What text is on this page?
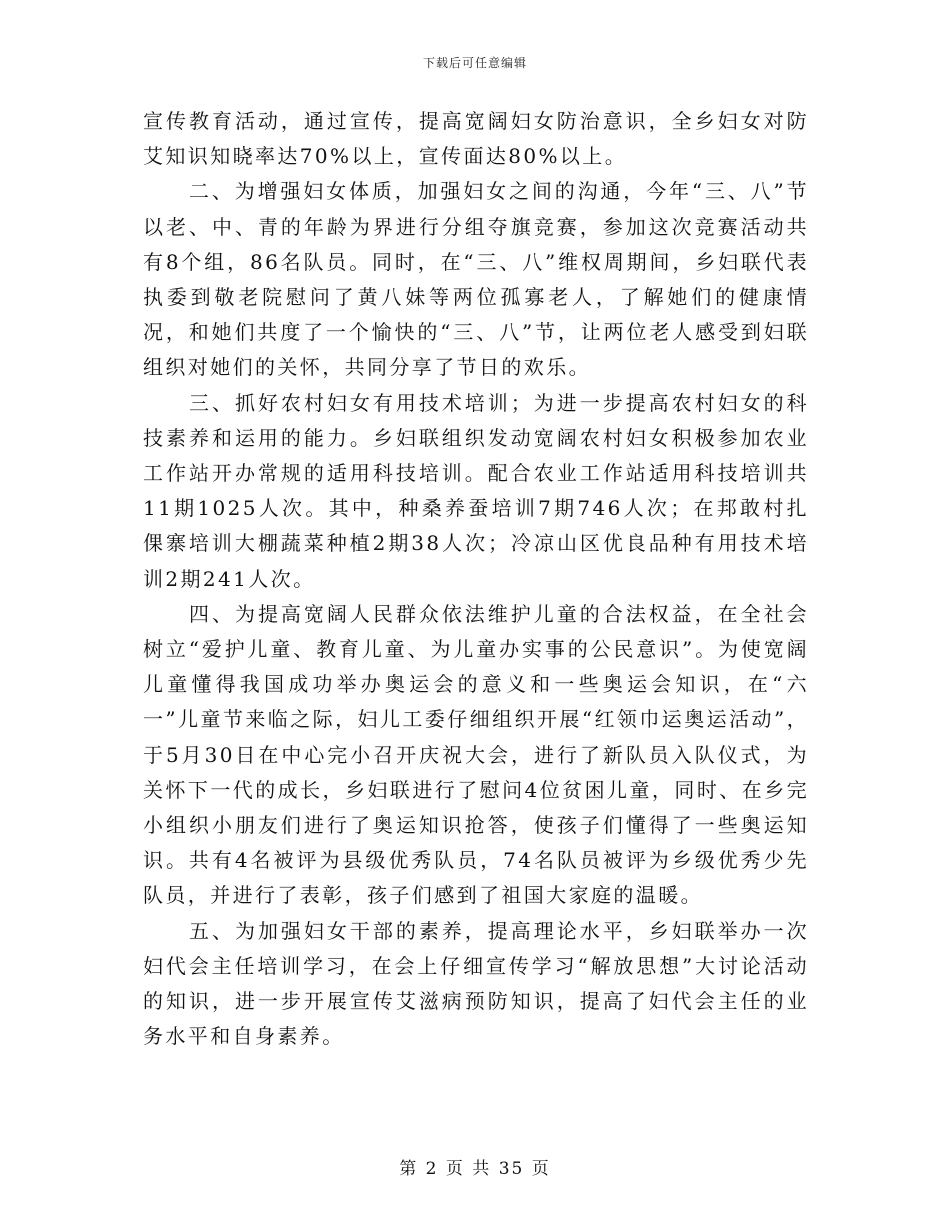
下载后可任意编辑

宣传教育活动，通过宣传，提高宽阔妇女防治意识，全乡妇女对防艾知识知晓率达70%以上，宣传面达80%以上。

二、为增强妇女体质，加强妇女之间的沟通，今年“三、八”节以老、中、青的年龄为界进行分组夺旗竞赛，参加这次竞赛活动共有8个组，86名队员。同时，在“三、八”维权周期间，乡妇联代表执委到敬老院慰问了黄八妹等两位孤寡老人，了解她们的健康情况，和她们共度了一个愉快的“三、八”节，让两位老人感受到妇联组织对她们的关怀，共同分享了节日的欢乐。

三、抓好农村妇女有用技术培训；为进一步提高农村妇女的科技素养和运用的能力。乡妇联组织发动宽阔农村妇女积极参加农业工作站开办常规的适用科技培训。配合农业工作站适用科技培训共11期1025人次。其中，种桑养蚕培训7期746人次；在邦敢村扎倮寨培训大棚蔬菜种植2期38人次；冷凉山区优良品种有用技术培训2期241人次。

四、为提高宽阔人民群众依法维护儿童的合法权益，在全社会树立“爱护儿童、教育儿童、为儿童办实事的公民意识”。为使宽阔儿童懂得我国成功举办奥运会的意义和一些奥运会知识，在“六一”儿童节来临之际，妇儿工委仔细组织开展“红领巾运奥运活动”，于5月30日在中心完小召开庆祝大会，进行了新队员入队仪式，为关怀下一代的成长，乡妇联进行了慰问4位贫困儿童，同时、在乡完小组织小朋友们进行了奥运知识抢答，使孩子们懂得了一些奥运知识。共有4名被评为县级优秀队员，74名队员被评为乡级优秀少先队员，并进行了表彰，孩子们感到了祖国大家庭的温暖。

五、为加强妇女干部的素养，提高理论水平，乡妇联举办一次妇代会主任培训学习，在会上仔细宣传学习“解放思想”大讨论活动的知识，进一步开展宣传艾滋病预防知识，提高了妇代会主任的业务水平和自身素养。

第 2 页 共 35 页
